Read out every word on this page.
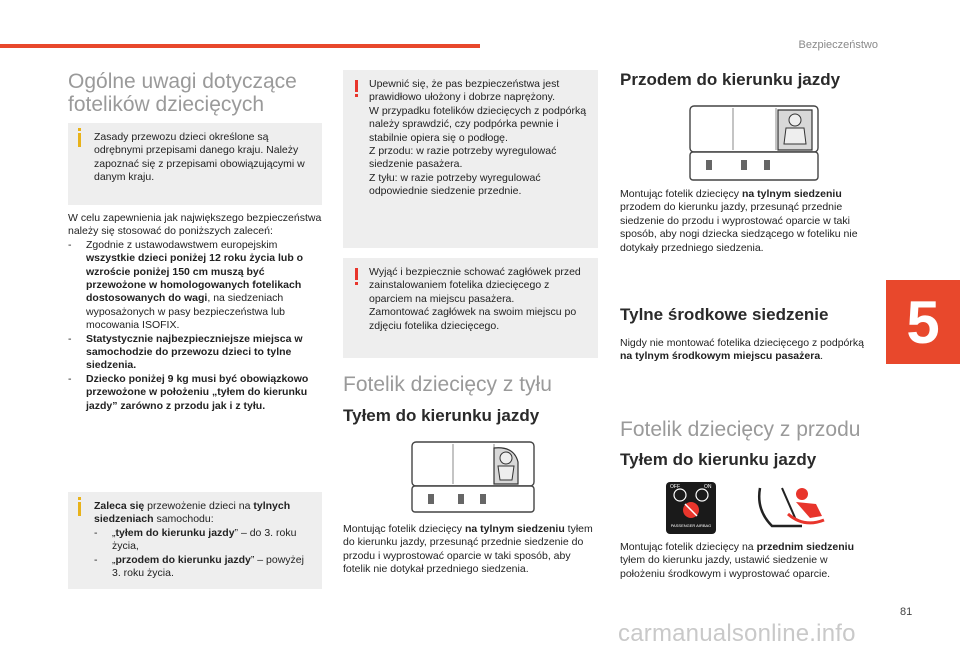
Bezpieczeństwo
5
81
carmanualsonline.info
Ogólne uwagi dotyczące
fotelików dziecięcych
Zasady przewozu dzieci określone są odrębnymi przepisami danego kraju. Należy zapoznać się z przepisami obowiązującymi w danym kraju.
W celu zapewnienia jak największego bezpieczeństwa należy się stosować do poniższych zaleceń:
- Zgodnie z ustawodawstwem europejskim wszystkie dzieci poniżej 12 roku życia lub o wzroście poniżej 150 cm muszą być przewożone w homologowanych fotelikach dostosowanych do wagi, na siedzeniach wyposażonych w pasy bezpieczeństwa lub mocowania ISOFIX.
- Statystycznie najbezpieczniejsze miejsca w samochodzie do przewozu dzieci to tylne siedzenia.
- Dziecko poniżej 9 kg musi być obowiązkowo przewożone w położeniu „tyłem do kierunku jazdy” zarówno z przodu jak i z tyłu.
Zaleca się przewożenie dzieci na tylnych siedzeniach samochodu:
- „tyłem do kierunku jazdy” – do 3. roku życia,
- „przodem do kierunku jazdy” – powyżej 3. roku życia.
Upewnić się, że pas bezpieczeństwa jest prawidłowo ułożony i dobrze naprężony.
W przypadku fotelików dziecięcych z podpórką należy sprawdzić, czy podpórka pewnie i stabilnie opiera się o podłogę.
Z przodu: w razie potrzeby wyregulować siedzenie pasażera.
Z tyłu: w razie potrzeby wyregulować odpowiednie siedzenie przednie.
Wyjąć i bezpiecznie schować zagłówek przed zainstalowaniem fotelika dziecięcego z oparciem na miejscu pasażera.
Zamontować zagłówek na swoim miejscu po zdjęciu fotelika dziecięcego.
Fotelik dziecięcy z tyłu
Tyłem do kierunku jazdy
Montując fotelik dziecięcy na tylnym siedzeniu tyłem do kierunku jazdy, przesunąć przednie siedzenie do przodu i wyprostować oparcie w taki sposób, aby fotelik nie dotykał przedniego siedzenia.
Przodem do kierunku jazdy
Montując fotelik dziecięcy na tylnym siedzeniu przodem do kierunku jazdy, przesunąć przednie siedzenie do przodu i wyprostować oparcie w taki sposób, aby nogi dziecka siedzącego w foteliku nie dotykały przedniego siedzenia.
Tylne środkowe siedzenie
Nigdy nie montować fotelika dziecięcego z podpórką na tylnym środkowym miejscu pasażera.
Fotelik dziecięcy z przodu
Tyłem do kierunku jazdy
OFF	ON
PASSENGER AIRBAG
Montując fotelik dziecięcy na przednim siedzeniu tyłem do kierunku jazdy, ustawić siedzenie w położeniu środkowym i wyprostować oparcie.
